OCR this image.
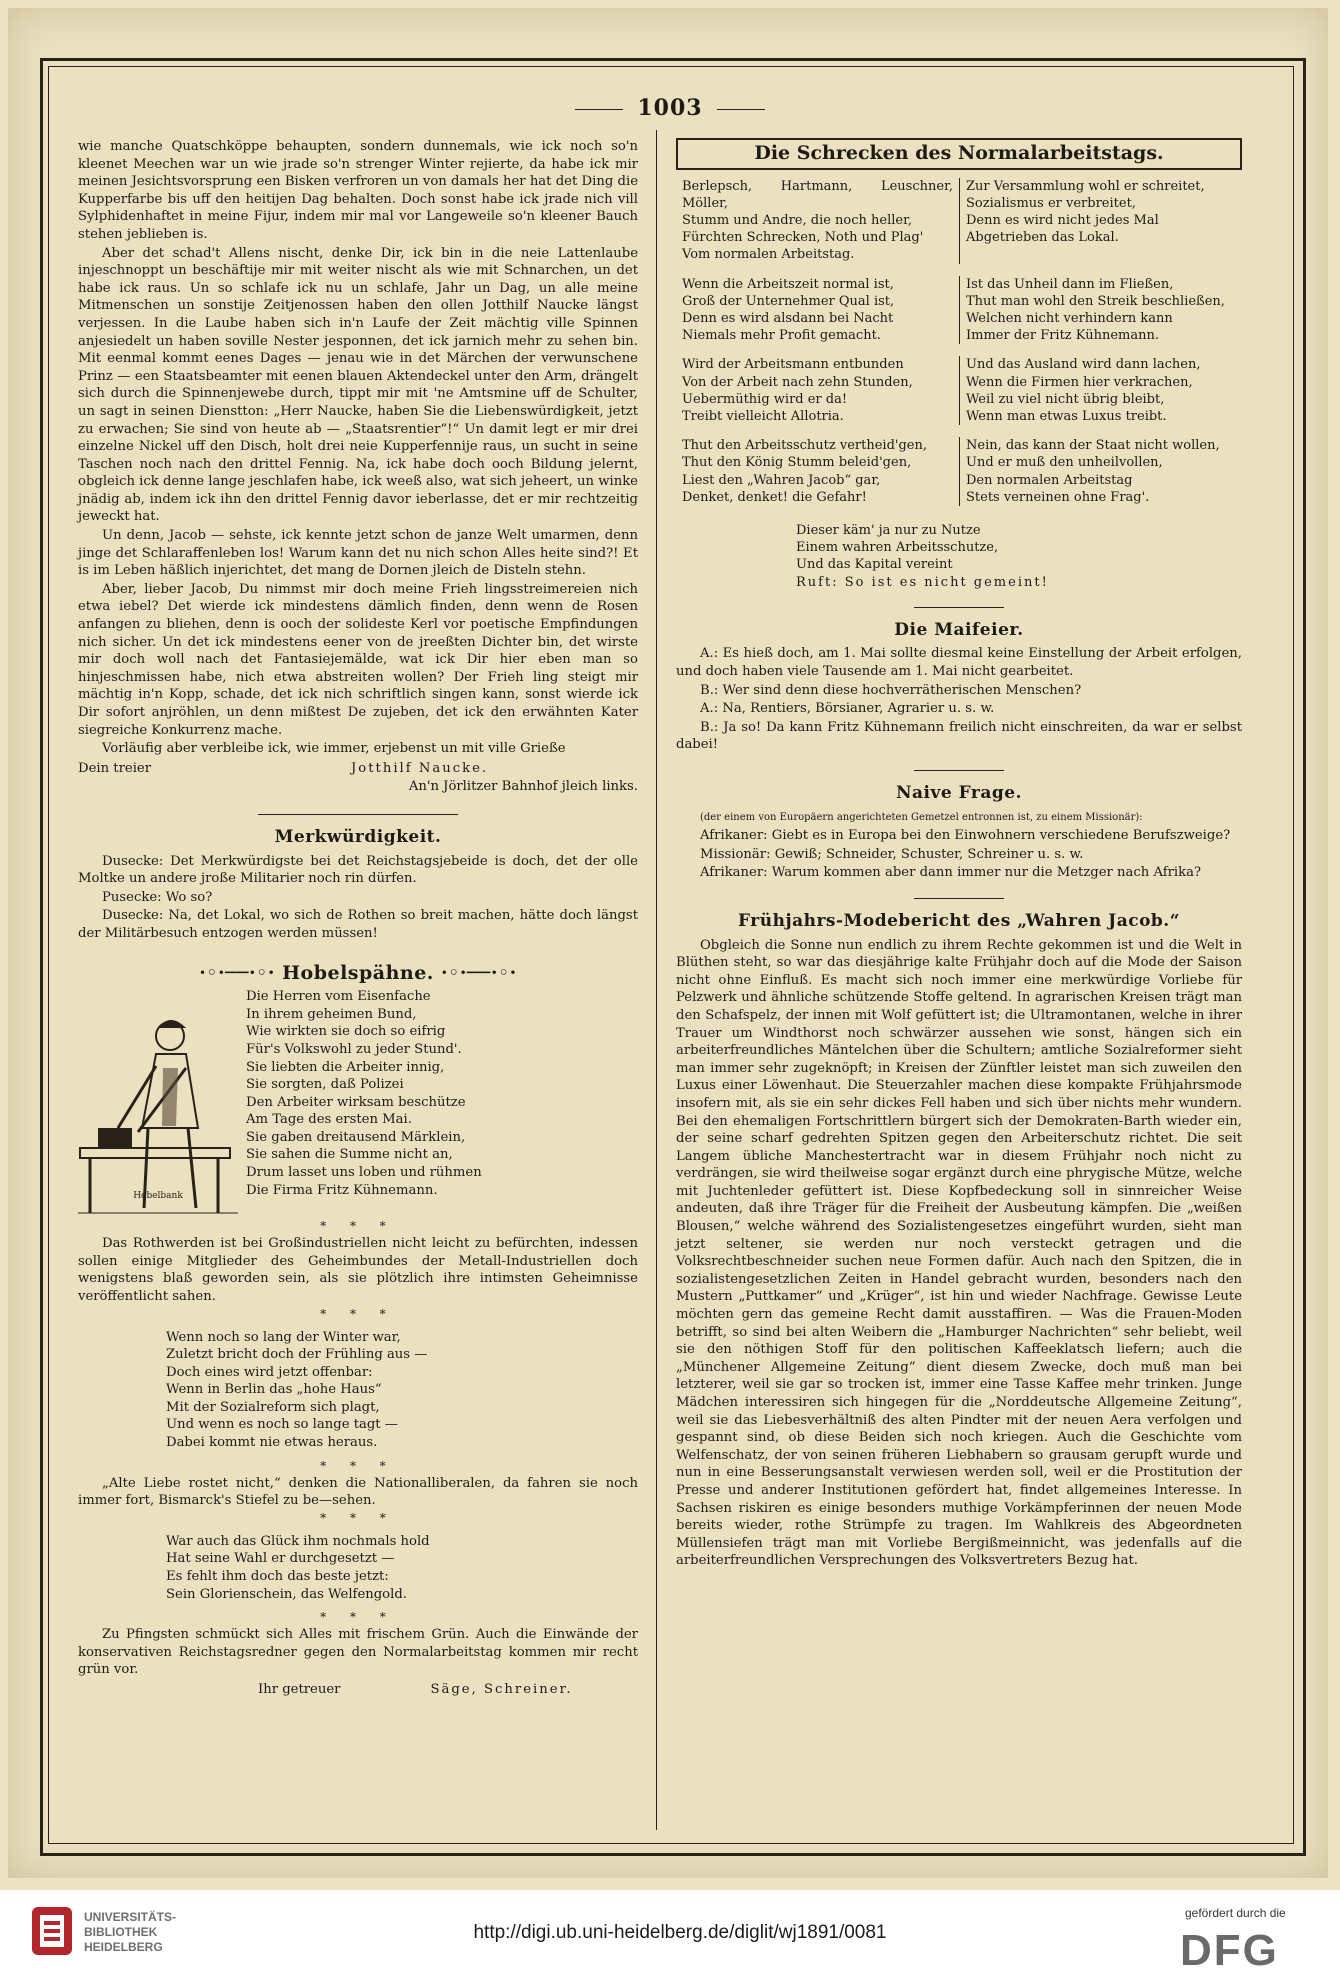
1003

wie manche Quatschköppe behaupten, sondern dunnemals, wie ick noch so'n kleenet Meechen war un wie jrade so'n strenger Winter rejierte, da habe ick mir meinen Jesichtsvorsprung een Bisken verfroren un von damals her hat det Ding die Kupperfarbe bis uff den heitijen Dag behalten. Doch sonst habe ick jrade nich vill Sylphidenhaftet in meine Fijur, indem mir mal vor Langeweile so'n kleener Bauch stehen jeblieben is.

Aber det schad't Allens nischt, denke Dir, ick bin in die neie Lattenlaube injeschnoppt un beschäftije mir mit weiter nischt als wie mit Schnarchen, un det habe ick raus. Un so schlafe ick nu un schlafe, Jahr un Dag, un alle meine Mitmenschen un sonstije Zeitjenossen haben den ollen Jotthilf Naucke längst verjessen. In die Laube haben sich in'n Laufe der Zeit mächtig ville Spinnen anjesiedelt un haben soville Nester jesponnen, det ick jarnich mehr zu sehen bin. Mit eenmal kommt eenes Dages — jenau wie in det Märchen der verwunschene Prinz — een Staatsbeamter mit eenen blauen Aktendeckel unter den Arm, drängelt sich durch die Spinnenjewebe durch, tippt mir mit 'ne Amtsmine uff de Schulter, un sagt in seinen Dienstton: „Herr Naucke, haben Sie die Liebenswürdigkeit, jetzt zu erwachen; Sie sind von heute ab — „Staatsrentier“!“ Un damit legt er mir drei einzelne Nickel uff den Disch, holt drei neie Kupperfennije raus, un sucht in seine Taschen noch nach den drittel Fennig. Na, ick habe doch ooch Bildung jelernt, obgleich ick denne lange jeschlafen habe, ick weeß also, wat sich jeheert, un winke jnädig ab, indem ick ihn den drittel Fennig davor ieberlasse, det er mir rechtzeitig jeweckt hat.

Un denn, Jacob — sehste, ick kennte jetzt schon de janze Welt umarmen, denn jinge det Schlaraffenleben los! Warum kann det nu nich schon Alles heite sind?! Et is im Leben häßlich injerichtet, det mang de Dornen jleich de Disteln stehn.

Aber, lieber Jacob, Du nimmst mir doch meine Frieh lingsstreimereien nich etwa iebel? Det wierde ick mindestens dämlich finden, denn wenn de Rosen anfangen zu bliehen, denn is ooch der solideste Kerl vor poetische Empfindungen nich sicher. Un det ick mindestens eener von de jreeßten Dichter bin, det wirste mir doch woll nach det Fantasiejemälde, wat ick Dir hier eben man so hinjeschmissen habe, nich etwa abstreiten wollen? Der Frieh ling steigt mir mächtig in'n Kopp, schade, det ick nich schriftlich singen kann, sonst wierde ick Dir sofort anjröhlen, un denn mißtest De zujeben, det ick den erwähnten Kater siegreiche Konkurrenz mache.

Vorläufig aber verbleibe ick, wie immer, erjebenst un mit ville Grieße

Dein treier	Jotthilf Naucke.

An'n Jörlitzer Bahnhof jleich links.

Merkwürdigkeit.

Dusecke: Det Merkwürdigste bei det Reichstagsjebeide is doch, det der olle Moltke un andere jroße Militarier noch rin dürfen.

Pusecke: Wo so?

Dusecke: Na, det Lokal, wo sich de Rothen so breit machen, hätte doch längst der Militärbesuch entzogen werden müssen!

·◦·──·◦· Hobelspähne. ·◦·──·◦·
Hobelbank
Die Herren vom Eisenfache
In ihrem geheimen Bund,
Wie wirkten sie doch so eifrig
Für's Volkswohl zu jeder Stund'.
Sie liebten die Arbeiter innig,
Sie sorgten, daß Polizei
Den Arbeiter wirksam beschütze
Am Tage des ersten Mai.
Sie gaben dreitausend Märklein,
Sie sahen die Summe nicht an,
Drum lasset uns loben und rühmen
Die Firma Fritz Kühnemann.
* * *

Das Rothwerden ist bei Großindustriellen nicht leicht zu befürchten, indessen sollen einige Mitglieder des Geheimbundes der Metall-Industriellen doch wenigstens blaß geworden sein, als sie plötzlich ihre intimsten Geheimnisse veröffentlicht sahen.

* * *
Wenn noch so lang der Winter war,
Zuletzt bricht doch der Frühling aus —
Doch eines wird jetzt offenbar:
Wenn in Berlin das „hohe Haus“
Mit der Sozialreform sich plagt,
Und wenn es noch so lange tagt —
Dabei kommt nie etwas heraus.
* * *

„Alte Liebe rostet nicht,“ denken die Nationalliberalen, da fahren sie noch immer fort, Bismarck's Stiefel zu be—sehen.

* * *
War auch das Glück ihm nochmals hold
Hat seine Wahl er durchgesetzt —
Es fehlt ihm doch das beste jetzt:
Sein Glorienschein, das Welfengold.
* * *

Zu Pfingsten schmückt sich Alles mit frischem Grün. Auch die Einwände der konservativen Reichstagsredner gegen den Normalarbeitstag kommen mir recht grün vor.

Ihr getreuer	Säge, Schreiner.

Die Schrecken des Normalarbeitstags.
Berlepsch, Hartmann, Leuschner, Möller,
Stumm und Andre, die noch heller,
Fürchten Schrecken, Noth und Plag'
Vom normalen Arbeitstag.
Zur Versammlung wohl er schreitet,
Sozialismus er verbreitet,
Denn es wird nicht jedes Mal
Abgetrieben das Lokal.
Wenn die Arbeitszeit normal ist,
Groß der Unternehmer Qual ist,
Denn es wird alsdann bei Nacht
Niemals mehr Profit gemacht.
Ist das Unheil dann im Fließen,
Thut man wohl den Streik beschließen,
Welchen nicht verhindern kann
Immer der Fritz Kühnemann.
Wird der Arbeitsmann entbunden
Von der Arbeit nach zehn Stunden,
Uebermüthig wird er da!
Treibt vielleicht Allotria.
Und das Ausland wird dann lachen,
Wenn die Firmen hier verkrachen,
Weil zu viel nicht übrig bleibt,
Wenn man etwas Luxus treibt.
Thut den Arbeitsschutz vertheid'gen,
Thut den König Stumm beleid'gen,
Liest den „Wahren Jacob“ gar,
Denket, denket! die Gefahr!
Nein, das kann der Staat nicht wollen,
Und er muß den unheilvollen,
Den normalen Arbeitstag
Stets verneinen ohne Frag'.
Dieser käm' ja nur zu Nutze
Einem wahren Arbeitsschutze,
Und das Kapital vereint
Ruft: So ist es nicht gemeint!
Die Maifeier.

A.: Es hieß doch, am 1. Mai sollte diesmal keine Einstellung der Arbeit erfolgen, und doch haben viele Tausende am 1. Mai nicht gearbeitet.

B.: Wer sind denn diese hochverrätherischen Menschen?

A.: Na, Rentiers, Börsianer, Agrarier u. s. w.

B.: Ja so! Da kann Fritz Kühnemann freilich nicht einschreiten, da war er selbst dabei!

Naive Frage.

(der einem von Europäern angerichteten Gemetzel entronnen ist, zu einem Missionär):

Afrikaner: Giebt es in Europa bei den Einwohnern verschiedene Berufszweige?

Missionär: Gewiß; Schneider, Schuster, Schreiner u. s. w.

Afrikaner: Warum kommen aber dann immer nur die Metzger nach Afrika?

Frühjahrs-Modebericht des „Wahren Jacob.“

Obgleich die Sonne nun endlich zu ihrem Rechte gekommen ist und die Welt in Blüthen steht, so war das diesjährige kalte Frühjahr doch auf die Mode der Saison nicht ohne Einfluß. Es macht sich noch immer eine merkwürdige Vorliebe für Pelzwerk und ähnliche schützende Stoffe geltend. In agrarischen Kreisen trägt man den Schafspelz, der innen mit Wolf gefüttert ist; die Ultramontanen, welche in ihrer Trauer um Windthorst noch schwärzer aussehen wie sonst, hängen sich ein arbeiterfreundliches Mäntelchen über die Schultern; amtliche Sozialreformer sieht man immer sehr zugeknöpft; in Kreisen der Zünftler leistet man sich zuweilen den Luxus einer Löwenhaut. Die Steuerzahler machen diese kompakte Frühjahrsmode insofern mit, als sie ein sehr dickes Fell haben und sich über nichts mehr wundern. Bei den ehemaligen Fortschrittlern bürgert sich der Demokraten-Barth wieder ein, der seine scharf gedrehten Spitzen gegen den Arbeiterschutz richtet. Die seit Langem übliche Manchestertracht war in diesem Frühjahr noch nicht zu verdrängen, sie wird theilweise sogar ergänzt durch eine phrygische Mütze, welche mit Juchtenleder gefüttert ist. Diese Kopfbedeckung soll in sinnreicher Weise andeuten, daß ihre Träger für die Freiheit der Ausbeutung kämpfen. Die „weißen Blousen,“ welche während des Sozialistengesetzes eingeführt wurden, sieht man jetzt seltener, sie werden nur noch versteckt getragen und die Volksrechtbeschneider suchen neue Formen dafür. Auch nach den Spitzen, die in sozialistengesetzlichen Zeiten in Handel gebracht wurden, besonders nach den Mustern „Puttkamer“ und „Krüger“, ist hin und wieder Nachfrage. Gewisse Leute möchten gern das gemeine Recht damit ausstaffiren. — Was die Frauen-Moden betrifft, so sind bei alten Weibern die „Hamburger Nachrichten“ sehr beliebt, weil sie den nöthigen Stoff für den politischen Kaffeeklatsch liefern; auch die „Münchener Allgemeine Zeitung“ dient diesem Zwecke, doch muß man bei letzterer, weil sie gar so trocken ist, immer eine Tasse Kaffee mehr trinken. Junge Mädchen interessiren sich hingegen für die „Norddeutsche Allgemeine Zeitung“, weil sie das Liebesverhältniß des alten Pindter mit der neuen Aera verfolgen und gespannt sind, ob diese Beiden sich noch kriegen. Auch die Geschichte vom Welfenschatz, der von seinen früheren Liebhabern so grausam gerupft wurde und nun in eine Besserungsanstalt verwiesen werden soll, weil er die Prostitution der Presse und anderer Institutionen gefördert hat, findet allgemeines Interesse. In Sachsen riskiren es einige besonders muthige Vorkämpferinnen der neuen Mode bereits wieder, rothe Strümpfe zu tragen. Im Wahlkreis des Abgeordneten Müllensiefen trägt man mit Vorliebe Bergißmeinnicht, was jedenfalls auf die arbeiterfreundlichen Versprechungen des Volksvertreters Bezug hat.

UNIVERSITÄTS-
BIBLIOTHEK
HEIDELBERG
http://digi.ub.uni-heidelberg.de/diglit/wj1891/0081
gefördert durch die
DFG
